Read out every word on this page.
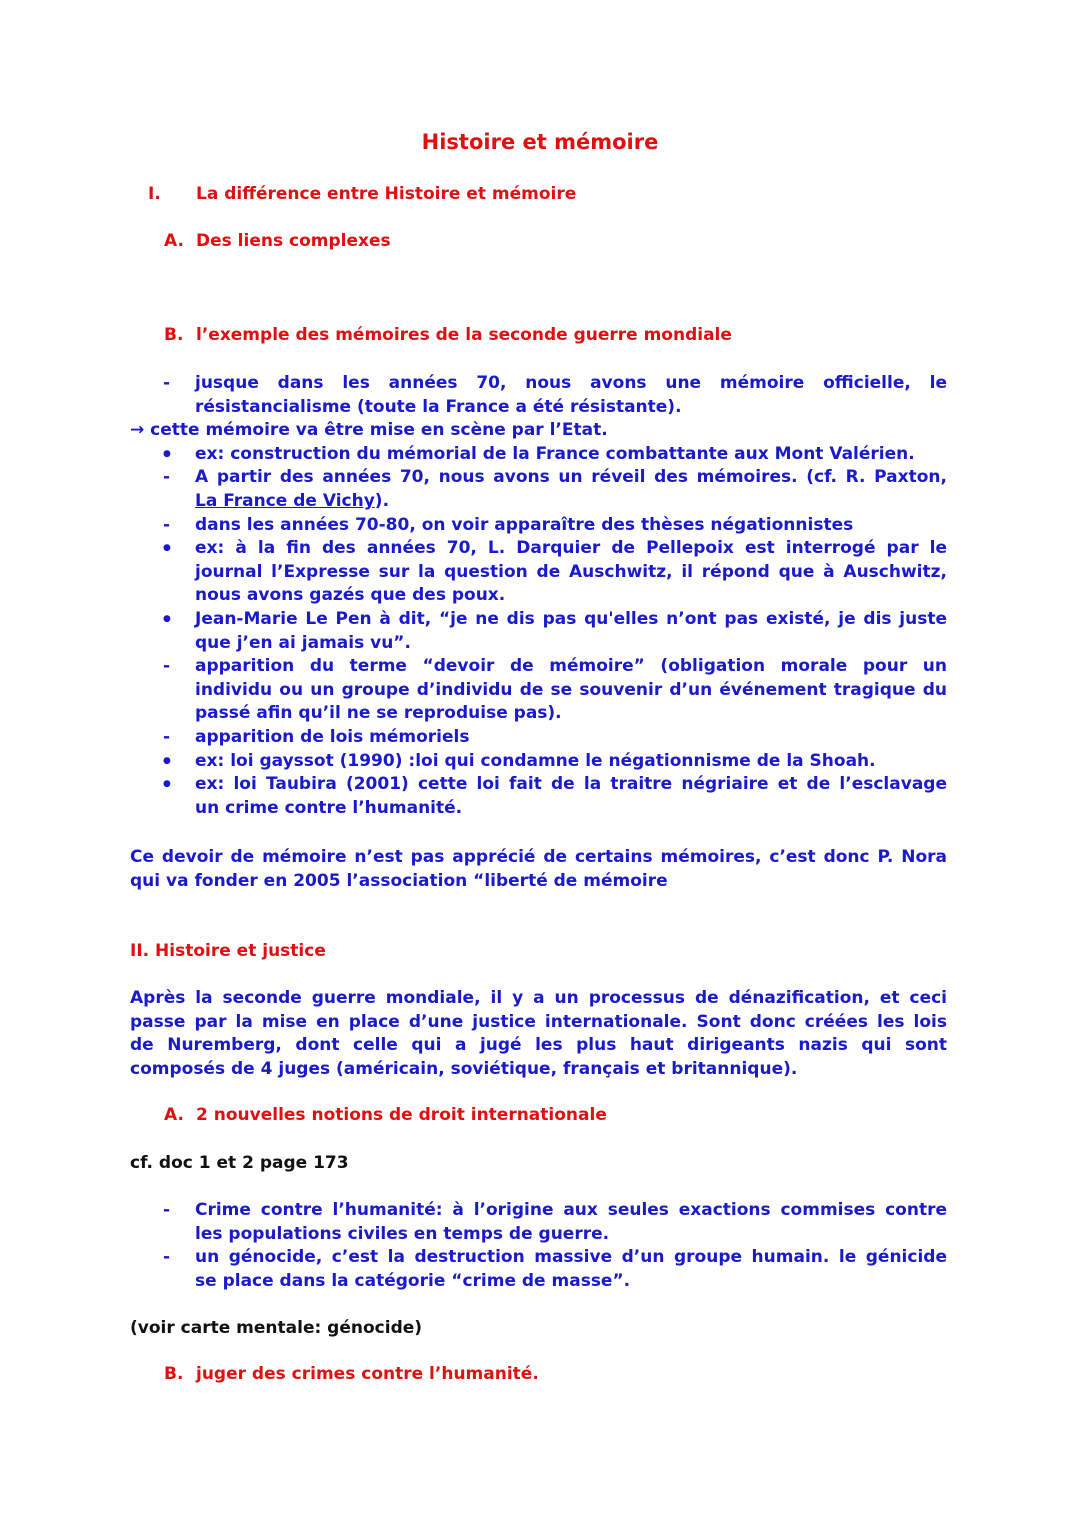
Histoire et mémoire
I. La différence entre Histoire et mémoire
A. Des liens complexes
B. l’exemple des mémoires de la seconde guerre mondiale
-
jusque dans les années 70, nous avons une mémoire officielle, le
résistancialisme (toute la France a été résistante).
→ cette mémoire va être mise en scène par l’Etat.
●
ex: construction du mémorial de la France combattante aux Mont Valérien.
-
A partir des années 70, nous avons un réveil des mémoires. (cf. R. Paxton,
La France de Vichy).
-
dans les années 70-80, on voir apparaître des thèses négationnistes
●
ex: à la fin des années 70, L. Darquier de Pellepoix est interrogé par le
journal l’Expresse sur la question de Auschwitz, il répond que à Auschwitz,
nous avons gazés que des poux.
●
Jean-Marie Le Pen à dit, “je ne dis pas qu'elles n’ont pas existé, je dis juste
que j’en ai jamais vu”.
-
apparition du terme “devoir de mémoire” (obligation morale pour un
individu ou un groupe d’individu de se souvenir d’un événement tragique du
passé afin qu’il ne se reproduise pas).
-
apparition de lois mémoriels
●
ex: loi gayssot (1990) :loi qui condamne le négationnisme de la Shoah.
●
ex: loi Taubira (2001) cette loi fait de la traitre négriaire et de l’esclavage
un crime contre l’humanité.
Ce devoir de mémoire n’est pas apprécié de certains mémoires, c’est donc P. Nora
qui va fonder en 2005 l’association “liberté de mémoire
II. Histoire et justice
Après la seconde guerre mondiale, il y a un processus de dénazification, et ceci
passe par la mise en place d’une justice internationale. Sont donc créées les lois
de Nuremberg, dont celle qui a jugé les plus haut dirigeants nazis qui sont
composés de 4 juges (américain, soviétique, français et britannique).
A. 2 nouvelles notions de droit internationale
cf. doc 1 et 2 page 173
-
Crime contre l’humanité: à l’origine aux seules exactions commises contre
les populations civiles en temps de guerre.
-
un génocide, c’est la destruction massive d’un groupe humain. le génicide
se place dans la catégorie “crime de masse”.
(voir carte mentale: génocide)
B. juger des crimes contre l’humanité.
